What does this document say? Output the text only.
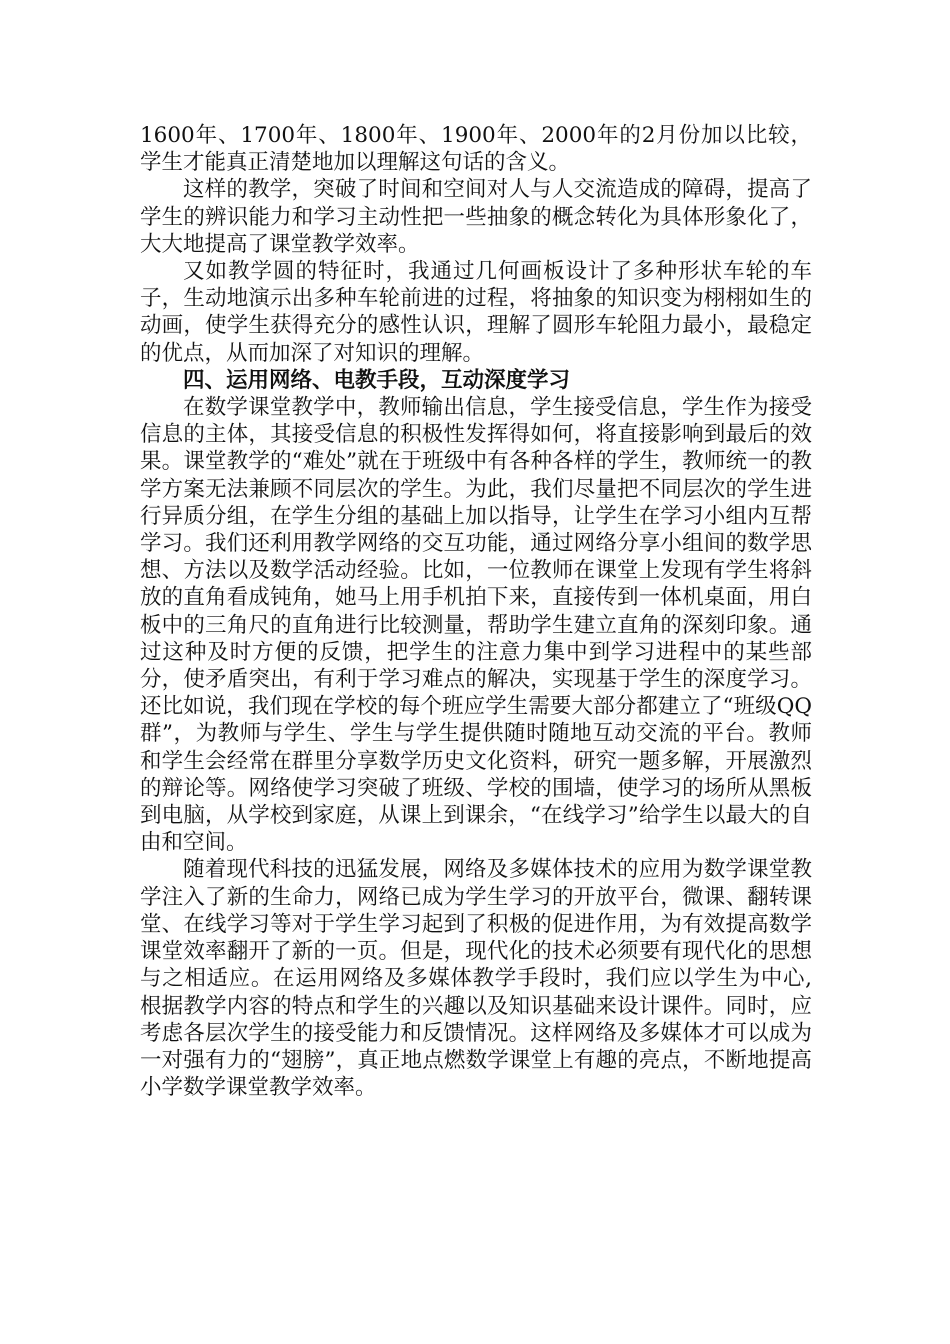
1600年、1700年、1800年、1900年、2000年的2月份加以比较，学生才能真正清楚地加以理解这句话的含义。

这样的教学，突破了时间和空间对人与人交流造成的障碍，提高了学生的辨识能力和学习主动性把一些抽象的概念转化为具体形象化了，大大地提高了课堂教学效率。

又如教学圆的特征时，我通过几何画板设计了多种形状车轮的车子，生动地演示出多种车轮前进的过程，将抽象的知识变为栩栩如生的动画，使学生获得充分的感性认识，理解了圆形车轮阻力最小，最稳定的优点，从而加深了对知识的理解。

四、运用网络、电教手段，互动深度学习

在数学课堂教学中，教师输出信息，学生接受信息，学生作为接受信息的主体，其接受信息的积极性发挥得如何，将直接影响到最后的效果。课堂教学的“难处”就在于班级中有各种各样的学生，教师统一的教学方案无法兼顾不同层次的学生。为此，我们尽量把不同层次的学生进行异质分组，在学生分组的基础上加以指导，让学生在学习小组内互帮学习。我们还利用教学网络的交互功能，通过网络分享小组间的数学思想、方法以及数学活动经验。比如，一位教师在课堂上发现有学生将斜放的直角看成钝角，她马上用手机拍下来，直接传到一体机桌面，用白板中的三角尺的直角进行比较测量，帮助学生建立直角的深刻印象。通过这种及时方便的反馈，把学生的注意力集中到学习进程中的某些部分，使矛盾突出，有利于学习难点的解决，实现基于学生的深度学习。还比如说，我们现在学校的每个班应学生需要大部分都建立了“班级QQ群”，为教师与学生、学生与学生提供随时随地互动交流的平台。教师和学生会经常在群里分享数学历史文化资料，研究一题多解，开展激烈的辩论等。网络使学习突破了班级、学校的围墙，使学习的场所从黑板到电脑，从学校到家庭，从课上到课余，“在线学习”给学生以最大的自由和空间。

随着现代科技的迅猛发展，网络及多媒体技术的应用为数学课堂教学注入了新的生命力，网络已成为学生学习的开放平台，微课、翻转课堂、在线学习等对于学生学习起到了积极的促进作用，为有效提高数学课堂效率翻开了新的一页。但是，现代化的技术必须要有现代化的思想与之相适应。在运用网络及多媒体教学手段时，我们应以学生为中心,根据教学内容的特点和学生的兴趣以及知识基础来设计课件。同时，应考虑各层次学生的接受能力和反馈情况。这样网络及多媒体才可以成为一对强有力的“翅膀”，真正地点燃数学课堂上有趣的亮点，不断地提高小学数学课堂教学效率。
